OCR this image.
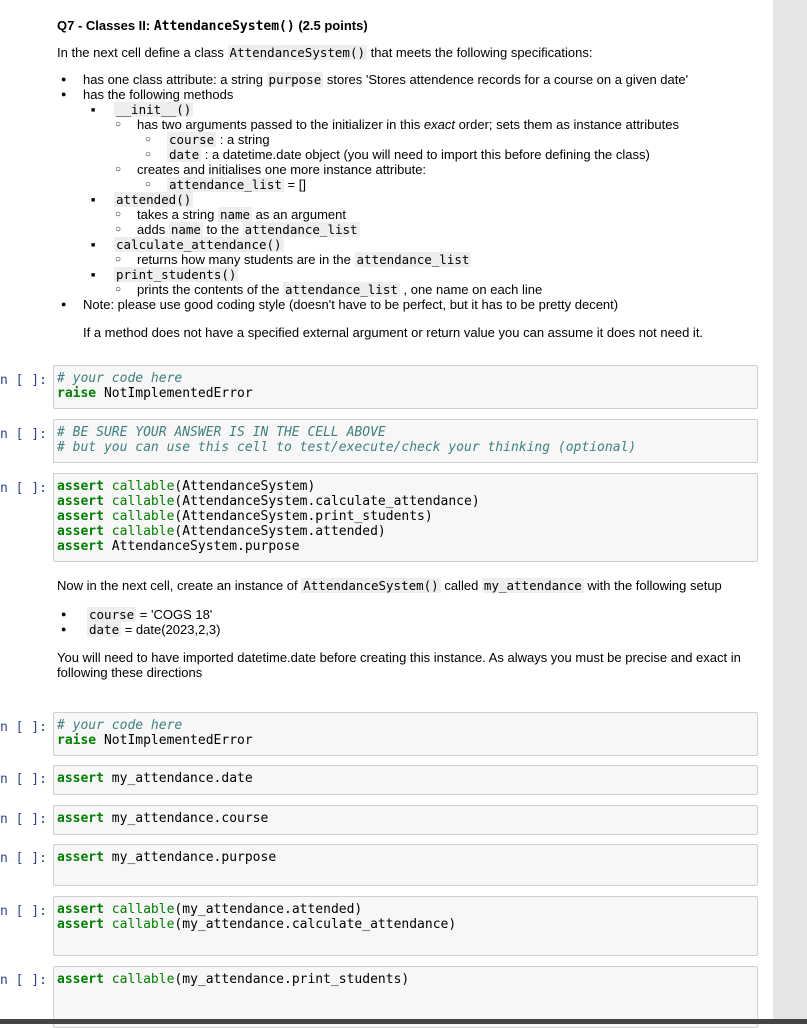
Q7 - Classes II: AttendanceSystem() (2.5 points)
In the next cell define a class AttendanceSystem() that meets the following specifications:
● has one class attribute: a string purpose stores 'Stores attendence records for a course on a given date'
● has the following methods
■ __init__()
○ has two arguments passed to the initializer in this exact order; sets them as instance attributes
○ course : a string
○ date : a datetime.date object (you will need to import this before defining the class)
○ creates and initialises one more instance attribute:
○ attendance_list = []
■ attended()
○ takes a string name as an argument
○ adds name to the attendance_list
■ calculate_attendance()
○ returns how many students are in the attendance_list
■ print_students()
○ prints the contents of the attendance_list , one name on each line
● Note: please use good coding style (doesn't have to be perfect, but it has to be pretty decent)
If a method does not have a specified external argument or return value you can assume it does not need it.
n [ ]: # your code here
raise NotImplementedError
n [ ]: # BE SURE YOUR ANSWER IS IN THE CELL ABOVE
# but you can use this cell to test/execute/check your thinking (optional)
n [ ]: assert callable(AttendanceSystem)
assert callable(AttendanceSystem.calculate_attendance)
assert callable(AttendanceSystem.print_students)
assert callable(AttendanceSystem.attended)
assert AttendanceSystem.purpose
Now in the next cell, create an instance of AttendanceSystem() called my_attendance with the following setup
● course = 'COGS 18'
● date = date(2023,2,3)
You will need to have imported datetime.date before creating this instance. As always you must be precise and exact in following these directions
n [ ]: # your code here
raise NotImplementedError
n [ ]: assert my_attendance.date
n [ ]: assert my_attendance.course
n [ ]: assert my_attendance.purpose
n [ ]: assert callable(my_attendance.attended)
assert callable(my_attendance.calculate_attendance)
n [ ]: assert callable(my_attendance.print_students)
